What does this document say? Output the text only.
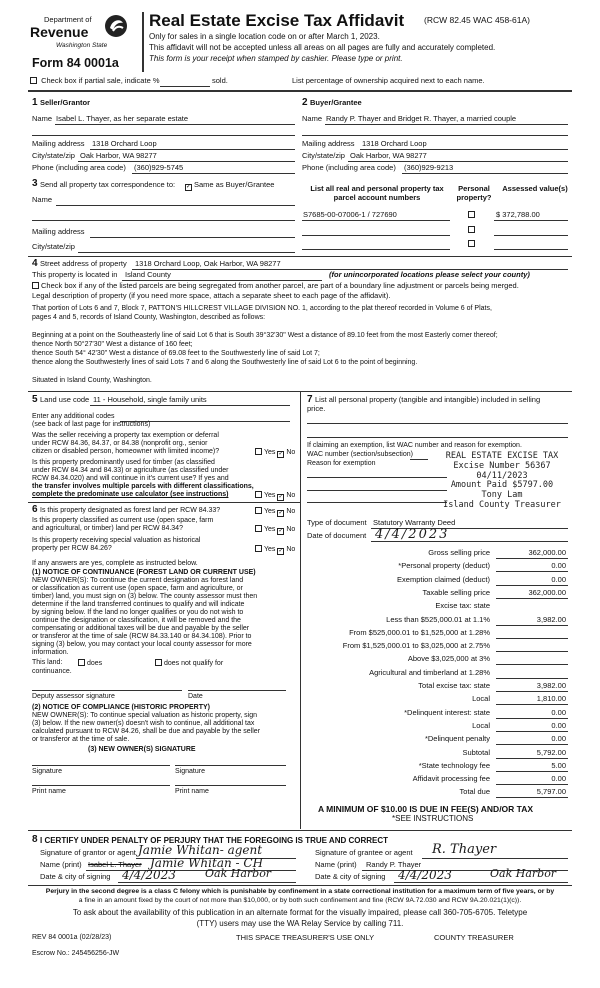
Department of
Revenue
Washington State
Form 84 0001a
Real Estate Excise Tax Affidavit (RCW 82.45 WAC 458-61A)
Only for sales in a single location code on or after March 1, 2023.
This affidavit will not be accepted unless all areas on all pages are fully and accurately completed.
This form is your receipt when stamped by cashier. Please type or print.
Check box if partial sale, indicate %	sold.	List percentage of ownership acquired next to each name.
1 Seller/Grantor
Name Isabel L. Thayer, as her separate estate
Mailing address 1318 Orchard Loop
City/state/zip Oak Harbor, WA 98277
Phone (including area code) (360)929-5745
2 Buyer/Grantee
Name Randy P. Thayer and Bridget R. Thayer, a married couple
Mailing address 1318 Orchard Loop
City/state/zip Oak Harbor, WA 98277
Phone (including area code) (360)929-9213
3 Send all property tax correspondence to: ✓ Same as Buyer/Grantee
Name
Mailing address
City/state/zip
List all real and personal property tax parcel account numbers
Personal property?
Assessed value(s)
S7685-00-07006-1 / 727690	$ 372,788.00
4 Street address of property 1318 Orchard Loop, Oak Harbor, WA 98277
This property is located in Island County	(for unincorporated locations please select your county)
Check box if any of the listed parcels are being segregated from another parcel, are part of a boundary line adjustment or parcels being merged.
Legal description of property (if you need more space, attach a separate sheet to each page of the affidavit).
That portion of Lots 6 and 7, Block 7, PATTON'S HILLCREST VILLAGE DIVISION NO. 1, according to the plat thereof recorded in Volume 6 of Plats,
pages 4 and 5, records of Island County, Washington, described as follows:
Beginning at a point on the Southeasterly line of said Lot 6 that is South 39°32'30" West a distance of 89.10 feet from the most Easterly corner thereof;
thence North 50°27'30" West a distance of 160 feet;
thence South 54° 42'30" West a distance of 69.08 feet to the Southwesterly line of said Lot 7;
thence along the Southwesterly lines of said Lots 7 and 6 along the Southwesterly line of said Lot 6 to the point of beginning.
Situated in Island County, Washington.
5 Land use code 11 - Household, single family units
Enter any additional codes
(see back of last page for instructions)
Was the seller receiving a property tax exemption or deferral
under RCW 84.36, 84.37, or 84.38 (nonprofit org., senior
citizen or disabled person, homeowner with limited income)?	Yes ✓ No
Is this property predominantly used for timber (as classified
under RCW 84.34 and 84.33) or agriculture (as classified under
RCW 84.34.020) and will continue in it's current use? If yes and
the transfer involves multiple parcels with different classifications,
complete the predominate use calculator (see instructions)	Yes ✓ No
6 Is this property designated as forest land per RCW 84.33?	Yes ✓ No
Is this property classified as current use (open space, farm
and agricultural, or timber) land per RCW 84.34?	Yes ✓ No
Is this property receiving special valuation as historical
property per RCW 84.26?	Yes ✓ No
If any answers are yes, complete as instructed below.
(1) NOTICE OF CONTINUANCE (FOREST LAND OR CURRENT USE)
NEW OWNER(S): To continue the current designation as forest land
or classification as current use (open space, farm and agriculture, or
timber) land, you must sign on (3) below. The county assessor must then
determine if the land transferred continues to qualify and will indicate
by signing below. If the land no longer qualifies or you do not wish to
continue the designation or classification, it will be removed and the
compensating or additional taxes will be due and payable by the seller
or transferor at the time of sale (RCW 84.33.140 or 84.34.108). Prior to
signing (3) below, you may contact your local county assessor for more
information.
This land:	does	does not qualify for
continuance.
Deputy assessor signature	Date
(2) NOTICE OF COMPLIANCE (HISTORIC PROPERTY)
NEW OWNER(S): To continue special valuation as historic property, sign
(3) below. If the new owner(s) doesn't wish to continue, all additional tax
calculated pursuant to RCW 84.26, shall be due and payable by the seller
or transferor at the time of sale.
(3) NEW OWNER(S) SIGNATURE
Signature	Signature
Print name	Print name
7 List all personal property (tangible and intangible) included in selling
price.
If claiming an exemption, list WAC number and reason for exemption.
WAC number (section/subsection)
Reason for exemption
REAL ESTATE EXCISE TAX
Excise Number 56367
04/11/2023
Amount Paid $5797.00
Tony Lam
Island County Treasurer
Type of document Statutory Warranty Deed
Date of document 4/4/2023
Gross selling price	362,000.00
*Personal property (deduct)	0.00
Exemption claimed (deduct)	0.00
Taxable selling price	362,000.00
Excise tax: state
Less than $525,000.01 at 1.1%	3,982.00
From $525,000.01 to $1,525,000 at 1.28%
From $1,525,000.01 to $3,025,000 at 2.75%
Above $3,025,000 at 3%
Agricultural and timberland at 1.28%
Total excise tax: state	3,982.00
Local	1,810.00
*Delinquent interest: state	0.00
Local	0.00
*Delinquent penalty	0.00
Subtotal	5,792.00
*State technology fee	5.00
Affidavit processing fee	0.00
Total due	5,797.00
A MINIMUM OF $10.00 IS DUE IN FEE(S) AND/OR TAX
*SEE INSTRUCTIONS
8 I CERTIFY UNDER PENALTY OF PERJURY THAT THE FOREGOING IS TRUE AND CORRECT
Signature of grantor or agent Jamie Whitan- agent
Name (print) Isabel L. Thayer Jamie Whitan - CH
Date & city of signing 4/4/2023	Oak Harbor
Signature of grantee or agent R. Thayer
Name (print) Randy P. Thayer
Date & city of signing 4/4/2023	Oak Harbor
Perjury in the second degree is a class C felony which is punishable by confinement in a state correctional institution for a maximum term of five years, or by
a fine in an amount fixed by the court of not more than $10,000, or by both such confinement and fine (RCW 9A.72.030 and RCW 9A.20.021(1)(c)).
To ask about the availability of this publication in an alternate format for the visually impaired, please call 360-705-6705. Teletype
(TTY) users may use the WA Relay Service by calling 711.
REV 84 0001a (02/28/23)	THIS SPACE TREASURER'S USE ONLY	COUNTY TREASURER
Escrow No.: 245456256-JW
